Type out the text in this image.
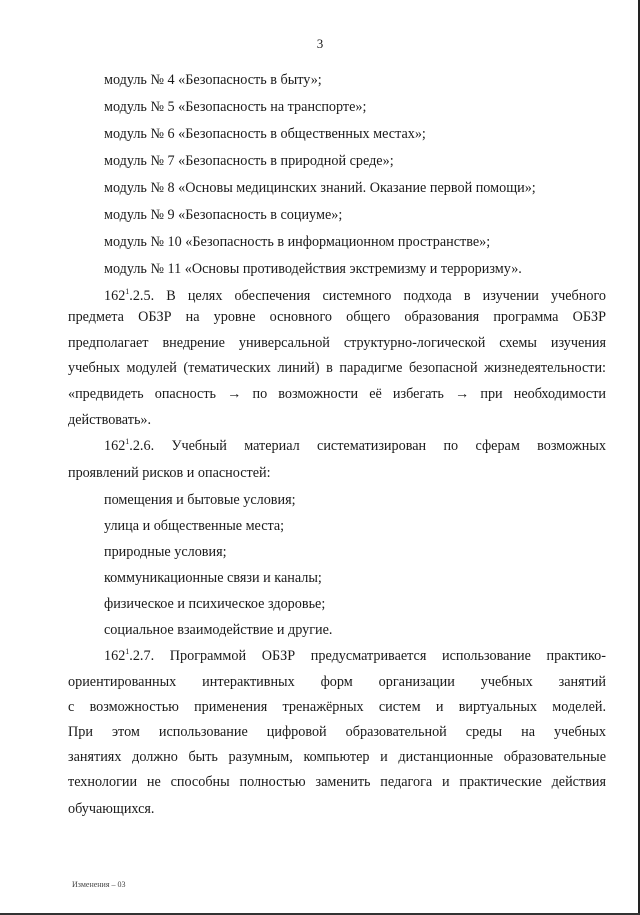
3
модуль № 4 «Безопасность в быту»;
модуль № 5 «Безопасность на транспорте»;
модуль № 6 «Безопасность в общественных местах»;
модуль № 7 «Безопасность в природной среде»;
модуль № 8 «Основы медицинских знаний. Оказание первой помощи»;
модуль № 9 «Безопасность в социуме»;
модуль № 10 «Безопасность в информационном пространстве»;
модуль № 11 «Основы противодействия экстремизму и терроризму».
$162^1.2.5$. В целях обеспечения системного подхода в изучении учебного
предмета ОБЗР на уровне основного общего образования программа ОБЗР
предполагает внедрение универсальной структурно-логической схемы изучения
учебных модулей (тематических линий) в парадигме безопасной жизнедеятельности:
«предвидеть опасность → по возможности её избегать → при необходимости
действовать».
$162^1.2.6$. Учебный материал систематизирован по сферам возможных
проявлений рисков и опасностей:
помещения и бытовые условия;
улица и общественные места;
природные условия;
коммуникационные связи и каналы;
физическое и психическое здоровье;
социальное взаимодействие и другие.
$162^1.2.7$. Программой ОБЗР предусматривается использование практико-
ориентированных интерактивных форм организации учебных занятий
с возможностью применения тренажёрных систем и виртуальных моделей.
При этом использование цифровой образовательной среды на учебных
занятиях должно быть разумным, компьютер и дистанционные образовательные
технологии не способны полностью заменить педагога и практические действия
обучающихся.
Изменения – 03
